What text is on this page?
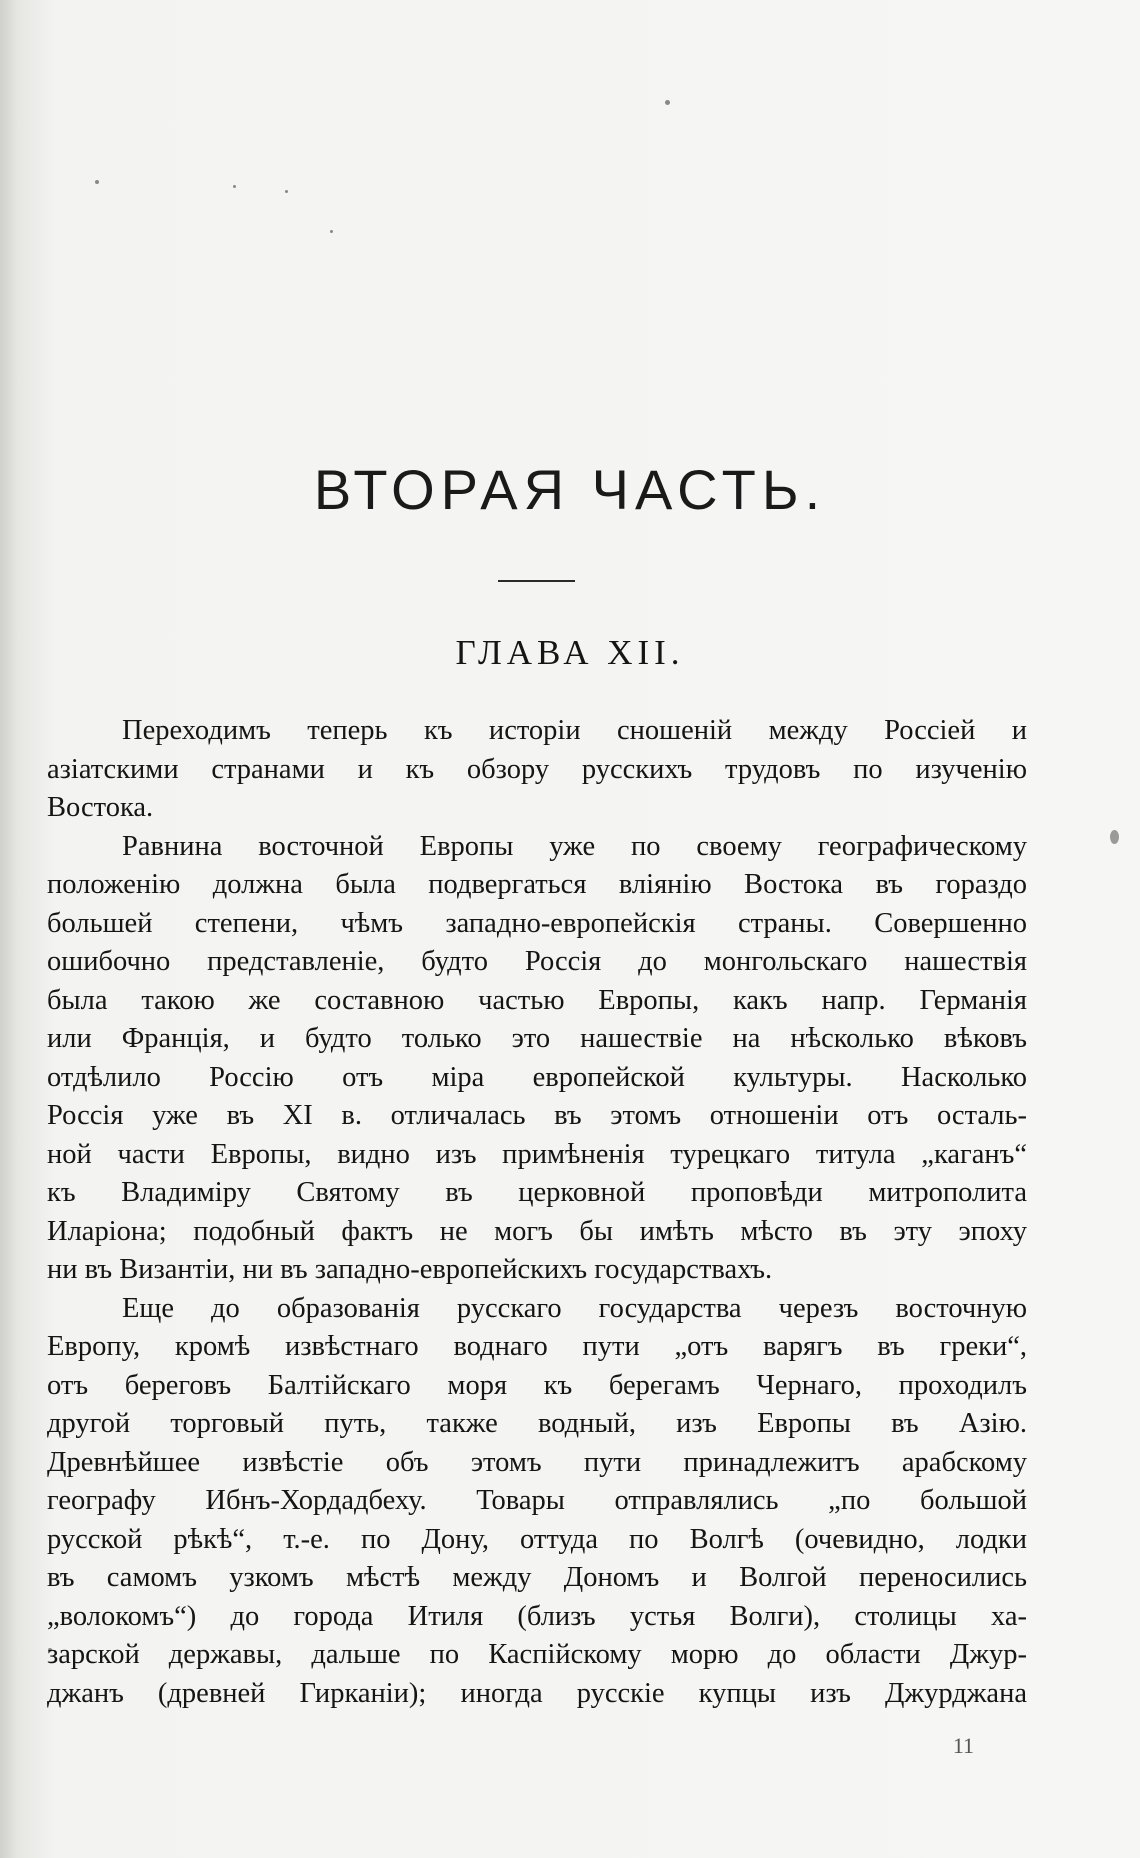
ВТОРАЯ ЧАСТЬ.
ГЛАВА XII.
Переходимъ теперь къ исторіи сношеній между Россіей и
азіатскими странами и къ обзору русскихъ трудовъ по изученію
Востока.
Равнина восточной Европы уже по своему географическому
положенію должна была подвергаться вліянію Востока въ гораздо
большей степени, чѣмъ западно-европейскія страны. Совершенно
ошибочно представленіе, будто Россія до монгольскаго нашествія
была такою же составною частью Европы, какъ напр. Германія
или Франція, и будто только это нашествіе на нѣсколько вѣковъ
отдѣлило Россію отъ міра европейской культуры. Насколько
Россія уже въ XI в. отличалась въ этомъ отношеніи отъ осталь-
ной части Европы, видно изъ примѣненія турецкаго титула „каганъ“
къ Владиміру Святому въ церковной проповѣди митрополита
Иларіона; подобный фактъ не могъ бы имѣть мѣсто въ эту эпоху
ни въ Византіи, ни въ западно-европейскихъ государствахъ.
Еще до образованія русскаго государства черезъ восточную
Европу, кромѣ извѣстнаго воднаго пути „отъ варягъ въ греки“,
отъ береговъ Балтійскаго моря къ берегамъ Чернаго, проходилъ
другой торговый путь, также водный, изъ Европы въ Азію.
Древнѣйшее извѣстіе объ этомъ пути принадлежитъ арабскому
географу Ибнъ-Хордадбеху. Товары отправлялись „по большой
русской рѣкѣ“, т.-е. по Дону, оттуда по Волгѣ (очевидно, лодки
въ самомъ узкомъ мѣстѣ между Дономъ и Волгой переносились
„волокомъ“) до города Итиля (близъ устья Волги), столицы ха-
зарской державы, дальше по Каспійскому морю до области Джур-
джанъ (древней Гирканіи); иногда русскіе купцы изъ Джурджана
11
